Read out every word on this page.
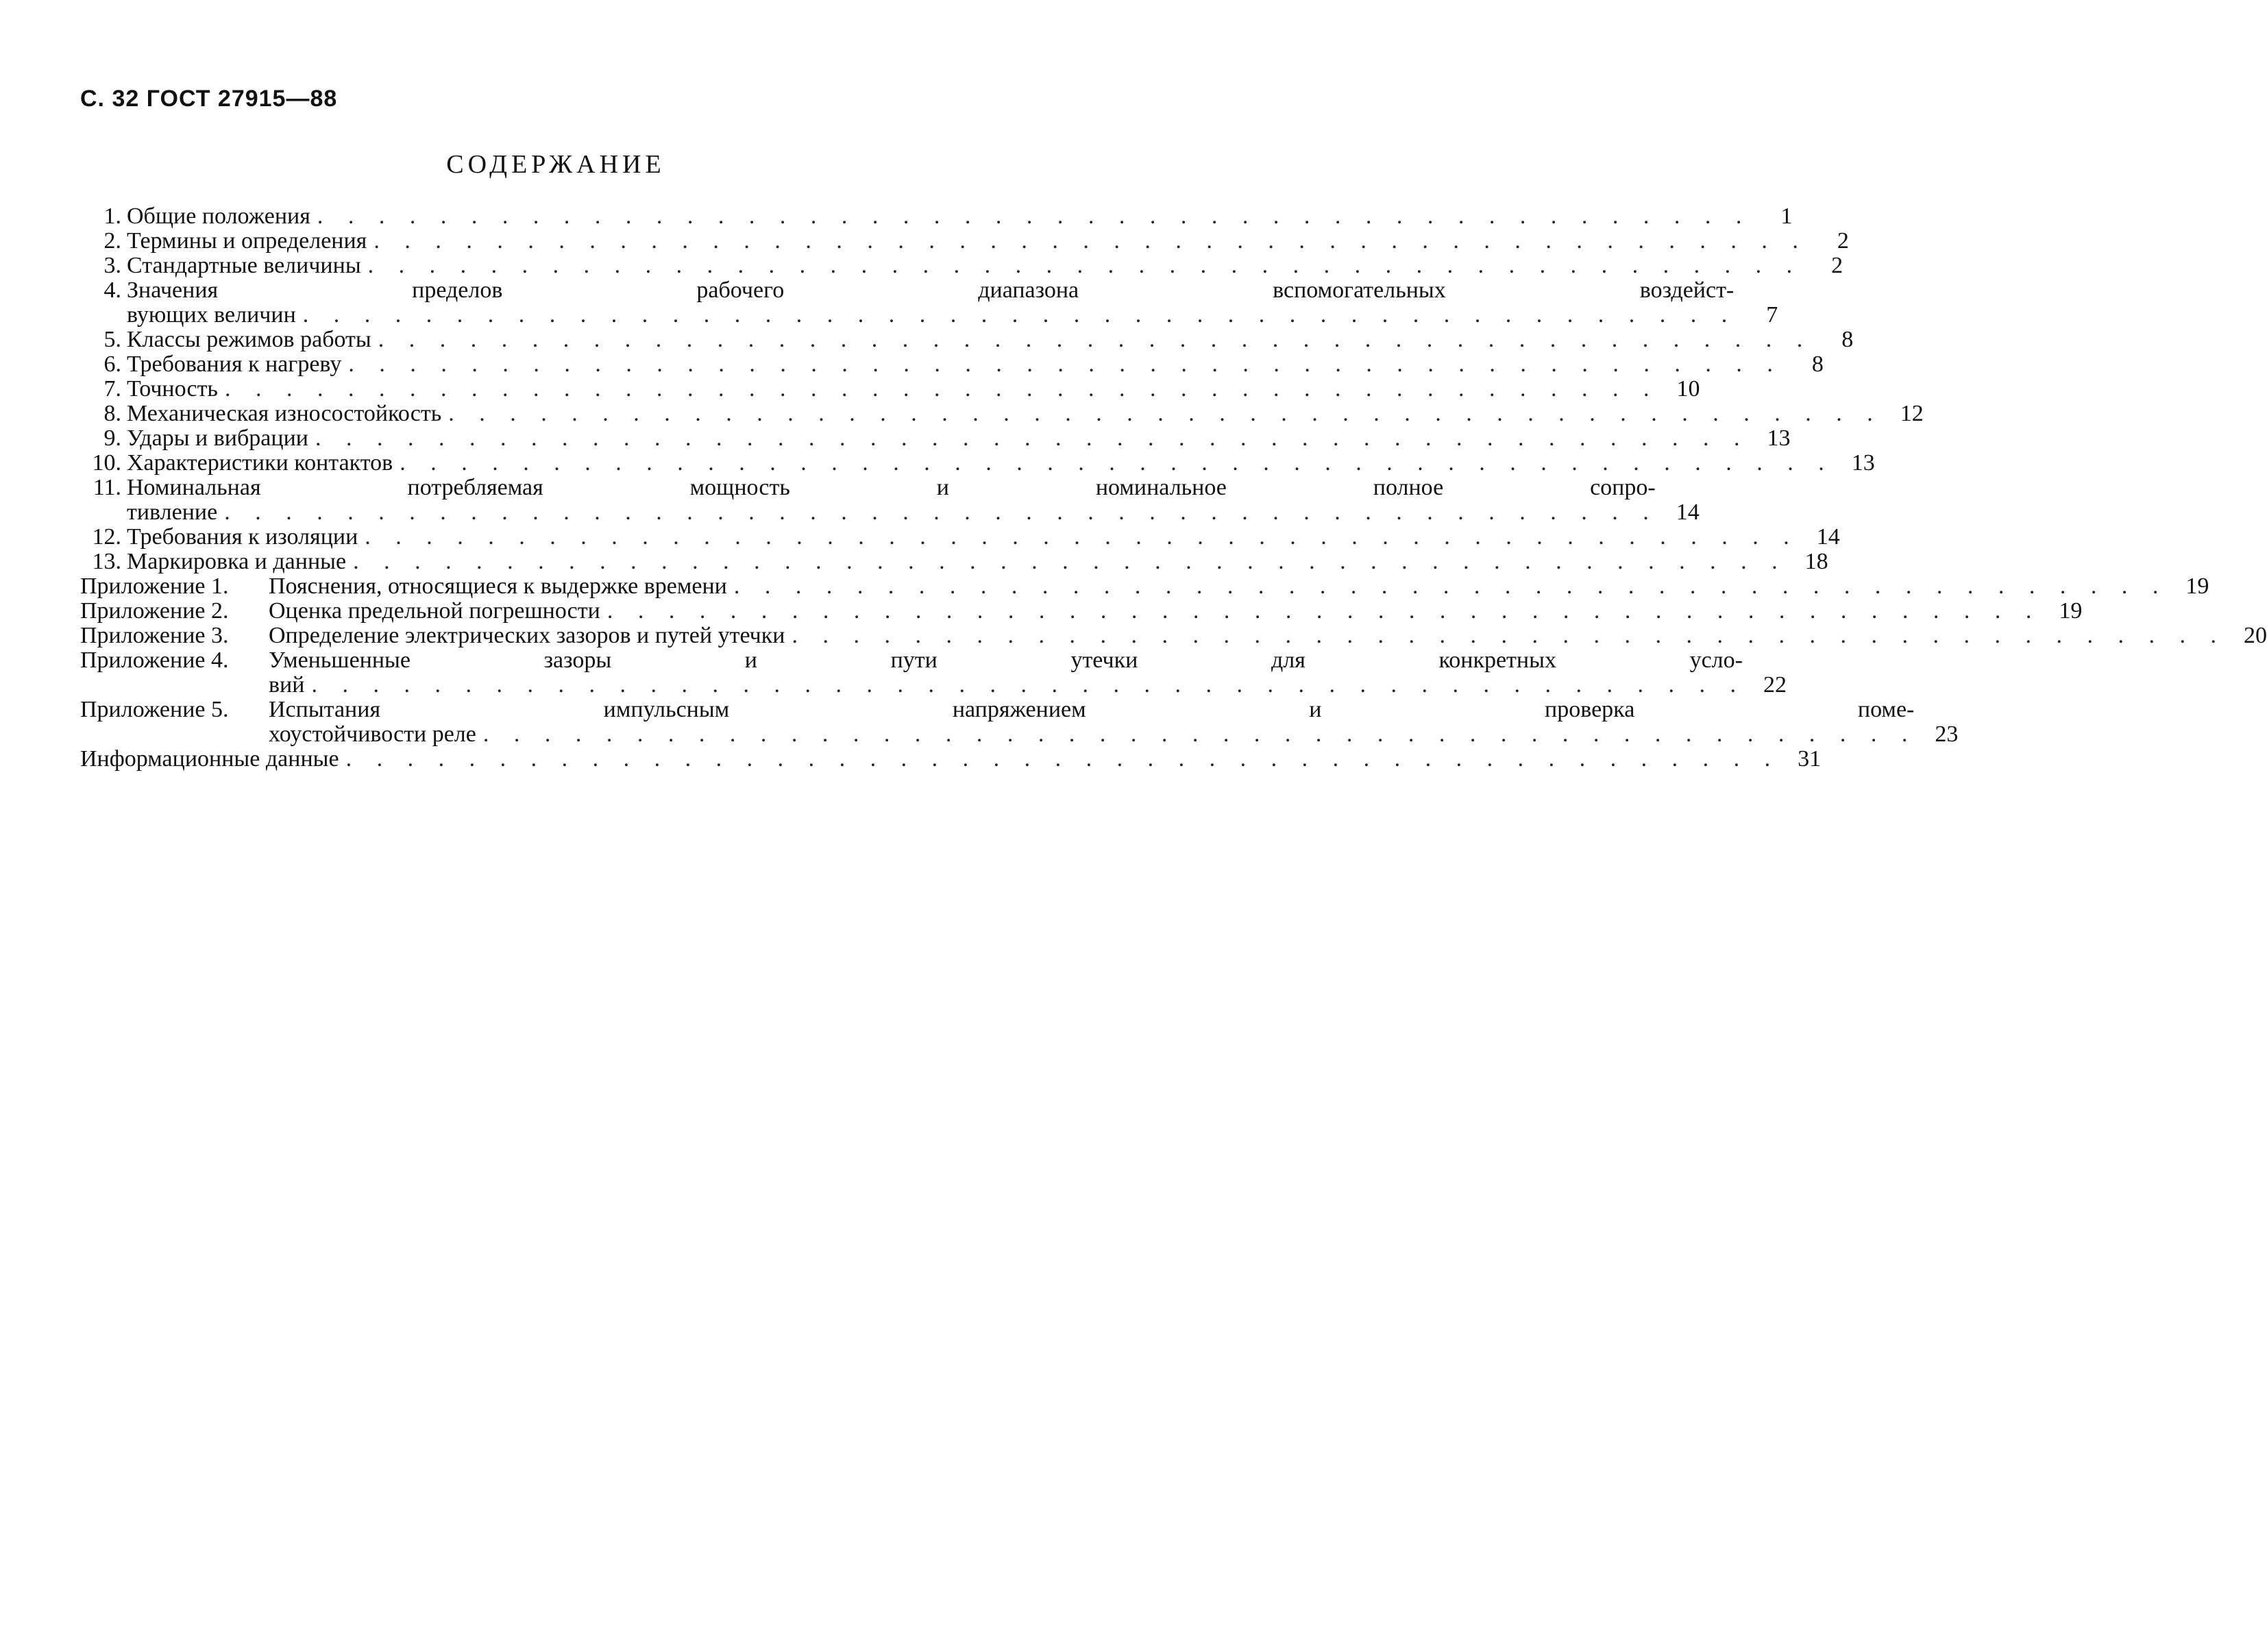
С. 32 ГОСТ 27915—88
СОДЕРЖАНИЕ
1. Общие положения . . . . . . . . . . . . . . . . . . . . . . . . . . . . . . . . . . . . . . . . . . . . . . .	1
2. Термины и определения . . . . . . . . . . . . . . . . . . . . . . . . . . . . . . . . . . . . . . . . . . . . . . .	2
3. Стандартные величины . . . . . . . . . . . . . . . . . . . . . . . . . . . . . . . . . . . . . . . . . . . . . . .	2
4. Значения пределов рабочего диапазона вспомогательных воздейст-
вующих величин . . . . . . . . . . . . . . . . . . . . . . . . . . . . . . . . . . . . . . . . . . . . . . .	7
5. Классы режимов работы . . . . . . . . . . . . . . . . . . . . . . . . . . . . . . . . . . . . . . . . . . . . . . .	8
6. Требования к нагреву . . . . . . . . . . . . . . . . . . . . . . . . . . . . . . . . . . . . . . . . . . . . . . .	8
7. Точность . . . . . . . . . . . . . . . . . . . . . . . . . . . . . . . . . . . . . . . . . . . . . . . 10
8. Механическая износостойкость . . . . . . . . . . . . . . . . . . . . . . . . . . . . . . . . . . . . . . . . . . . . . . . 12
9. Удары и вибрации . . . . . . . . . . . . . . . . . . . . . . . . . . . . . . . . . . . . . . . . . . . . . . . 13
10. Характеристики контактов . . . . . . . . . . . . . . . . . . . . . . . . . . . . . . . . . . . . . . . . . . . . . . . 13
11. Номинальная потребляемая мощность и номинальное полное сопро-
тивление . . . . . . . . . . . . . . . . . . . . . . . . . . . . . . . . . . . . . . . . . . . . . . . 14
12. Требования к изоляции . . . . . . . . . . . . . . . . . . . . . . . . . . . . . . . . . . . . . . . . . . . . . . . 14
13. Маркировка и данные . . . . . . . . . . . . . . . . . . . . . . . . . . . . . . . . . . . . . . . . . . . . . . . 18
Приложение 1.	Пояснения, относящиеся к выдержке времени . . . . . . . . . . . . . . . . . . . . . . . . . . . . . . . . . . . . . . . . . . . . . . . 19
Приложение 2.	Оценка предельной погрешности . . . . . . . . . . . . . . . . . . . . . . . . . . . . . . . . . . . . . . . . . . . . . . . 19
Приложение 3.	Определение электрических зазоров и путей утечки . . . . . . . . . . . . . . . . . . . . . . . . . . . . . . . . . . . . . . . . . . . . . . . 20
Приложение 4.	Уменьшенные зазоры и пути утечки для конкретных усло-
вий . . . . . . . . . . . . . . . . . . . . . . . . . . . . . . . . . . . . . . . . . . . . . . . 22
Приложение 5.	Испытания импульсным напряжением и проверка поме-
хоустойчивости реле . . . . . . . . . . . . . . . . . . . . . . . . . . . . . . . . . . . . . . . . . . . . . . . 23
Информационные данные . . . . . . . . . . . . . . . . . . . . . . . . . . . . . . . . . . . . . . . . . . . . . . . 31
